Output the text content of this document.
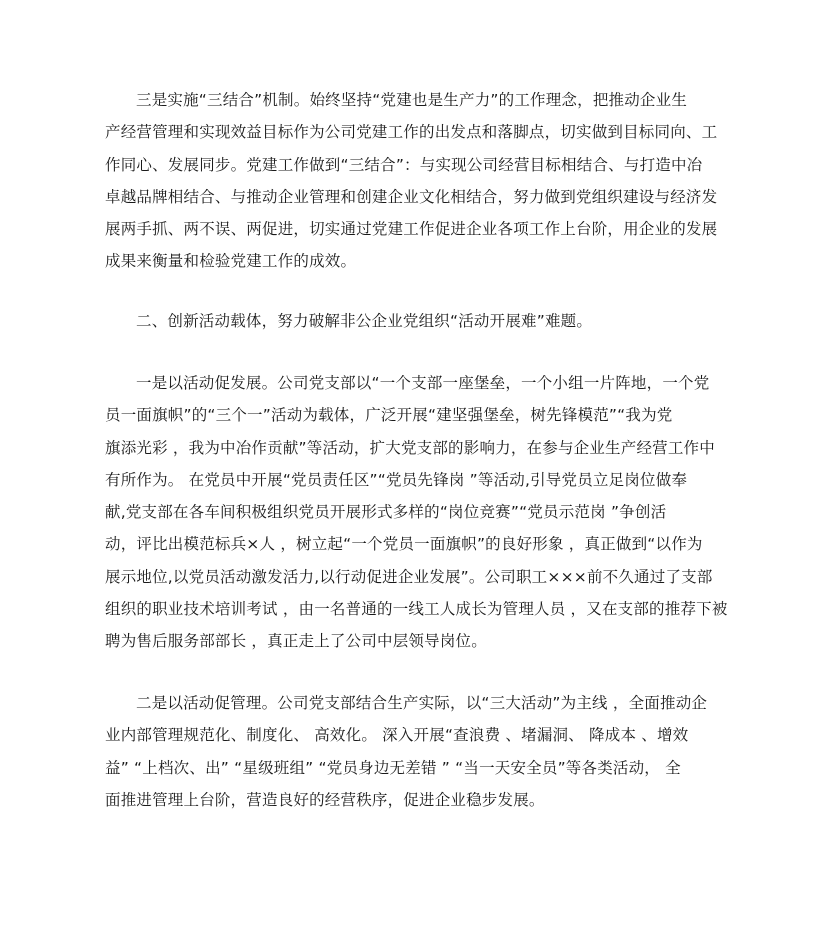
三是实施“三结合”机制。始终坚持“党建也是生产力”的工作理念，把推动企业生
产经营管理和实现效益目标作为公司党建工作的出发点和落脚点，切实做到目标同向、工
作同心、发展同步。党建工作做到“三结合”：与实现公司经营目标相结合、与打造中冶
卓越品牌相结合、与推动企业管理和创建企业文化相结合，努力做到党组织建设与经济发
展两手抓、两不误、两促进，切实通过党建工作促进企业各项工作上台阶，用企业的发展
成果来衡量和检验党建工作的成效。
二、创新活动载体，努力破解非公企业党组织“活动开展难”难题。
一是以活动促发展。公司党支部以“一个支部一座堡垒，一个小组一片阵地，一个党
员一面旗帜”的“三个一”活动为载体，广泛开展“建坚强堡垒，树先锋模范”“我为党
旗添光彩 ，我为中冶作贡献”等活动，扩大党支部的影响力，在参与企业生产经营工作中
有所作为。 在党员中开展“党员责任区”“党员先锋岗 ”等活动,引导党员立足岗位做奉
献,党支部在各车间积极组织党员开展形式多样的“岗位竞赛”“党员示范岗 ”争创活
动，评比出模范标兵×人 ，树立起“一个党员一面旗帜”的良好形象 ，真正做到“以作为
展示地位,以党员活动激发活力,以行动促进企业发展”。公司职工×××前不久通过了支部
组织的职业技术培训考试 ，由一名普通的一线工人成长为管理人员 ，又在支部的推荐下被
聘为售后服务部部长 ，真正走上了公司中层领导岗位。
二是以活动促管理。公司党支部结合生产实际，以“三大活动”为主线 ，全面推动企
业内部管理规范化、制度化、 高效化。 深入开展“查浪费 、堵漏洞、 降成本 、增效
益” “上档次、出” “星级班组” “党员身边无差错 ” “当一天安全员”等各类活动， 全
面推进管理上台阶，营造良好的经营秩序，促进企业稳步发展。
